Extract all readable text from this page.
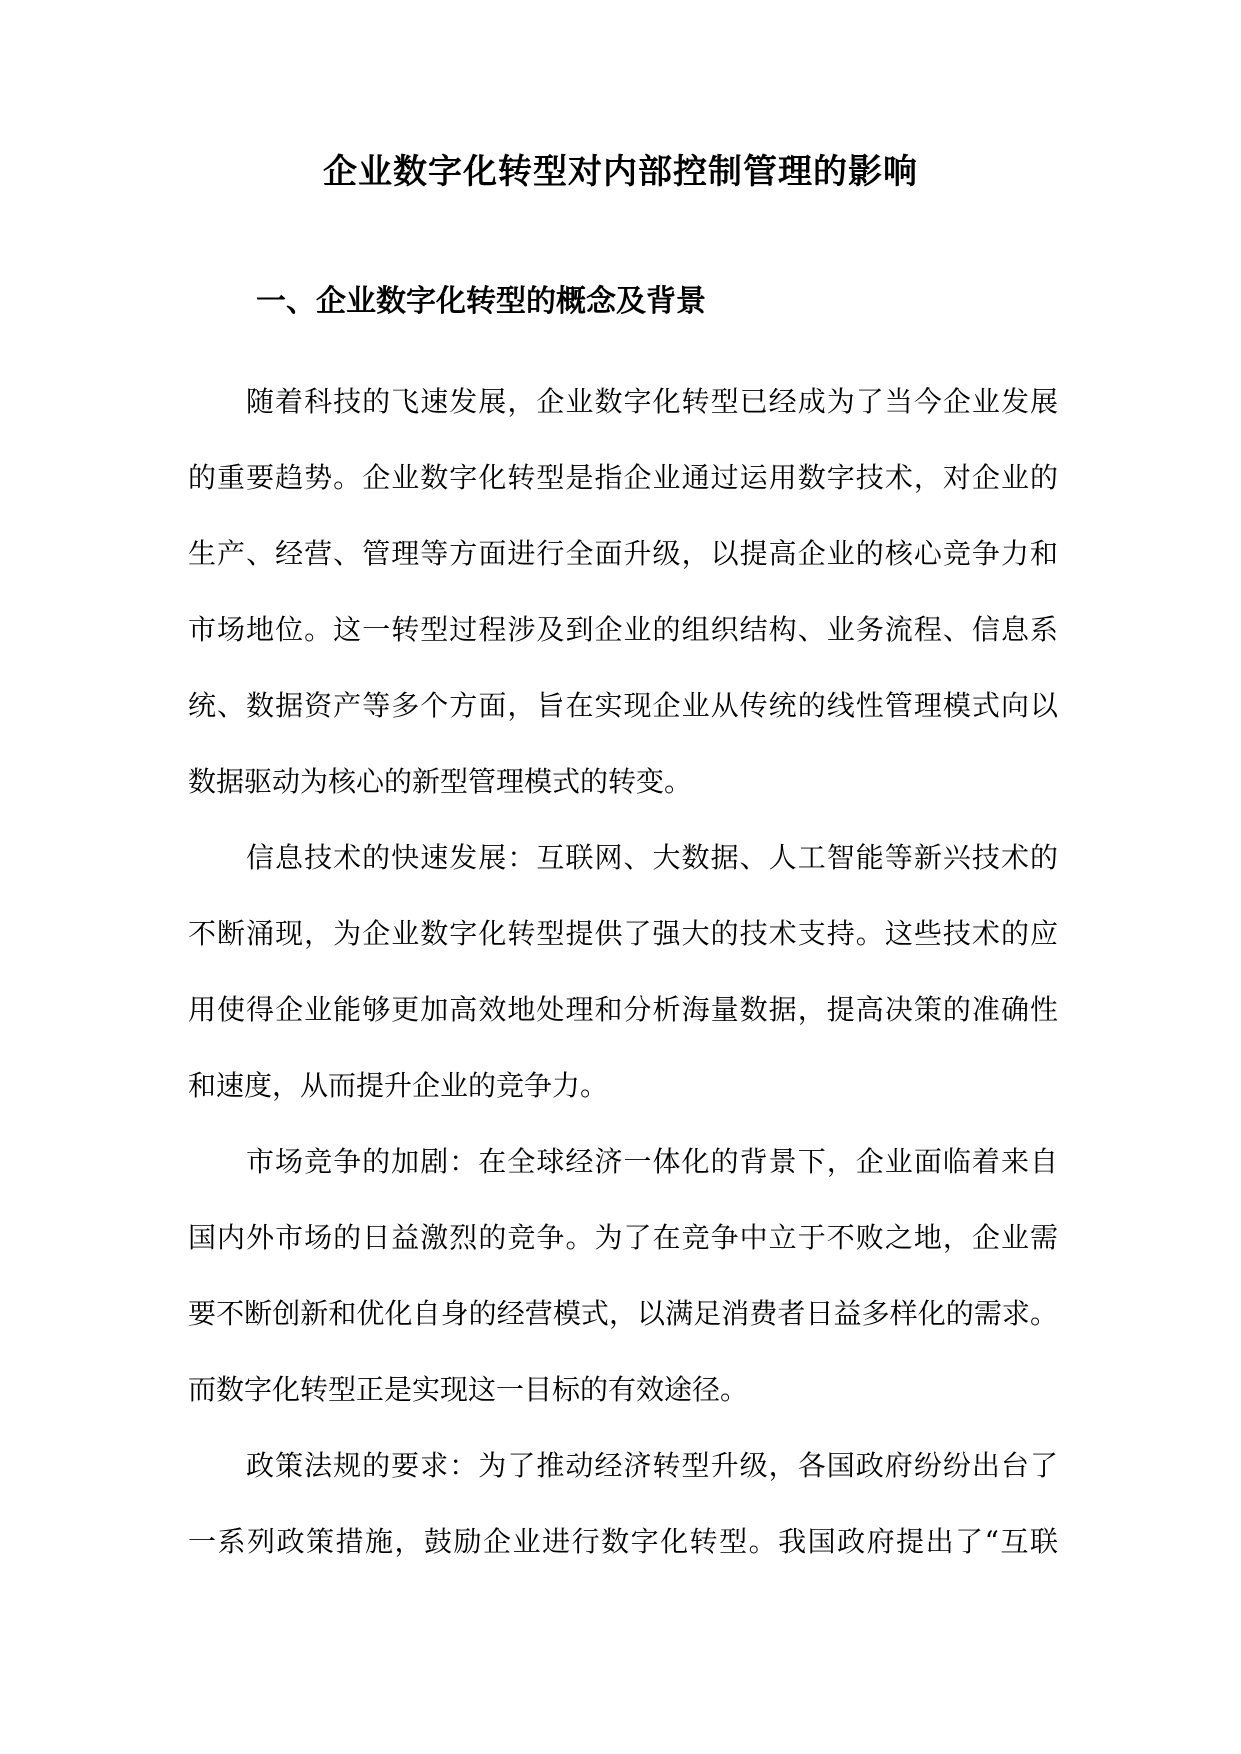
企业数字化转型对内部控制管理的影响
一、企业数字化转型的概念及背景
随着科技的飞速发展，企业数字化转型已经成为了当今企业发展
的重要趋势。企业数字化转型是指企业通过运用数字技术，对企业的
生产、经营、管理等方面进行全面升级，以提高企业的核心竞争力和
市场地位。这一转型过程涉及到企业的组织结构、业务流程、信息系
统、数据资产等多个方面，旨在实现企业从传统的线性管理模式向以
数据驱动为核心的新型管理模式的转变。
信息技术的快速发展：互联网、大数据、人工智能等新兴技术的
不断涌现，为企业数字化转型提供了强大的技术支持。这些技术的应
用使得企业能够更加高效地处理和分析海量数据，提高决策的准确性
和速度，从而提升企业的竞争力。
市场竞争的加剧：在全球经济一体化的背景下，企业面临着来自
国内外市场的日益激烈的竞争。为了在竞争中立于不败之地，企业需
要不断创新和优化自身的经营模式，以满足消费者日益多样化的需求。
而数字化转型正是实现这一目标的有效途径。
政策法规的要求：为了推动经济转型升级，各国政府纷纷出台了
一系列政策措施，鼓励企业进行数字化转型。我国政府提出了“互联
